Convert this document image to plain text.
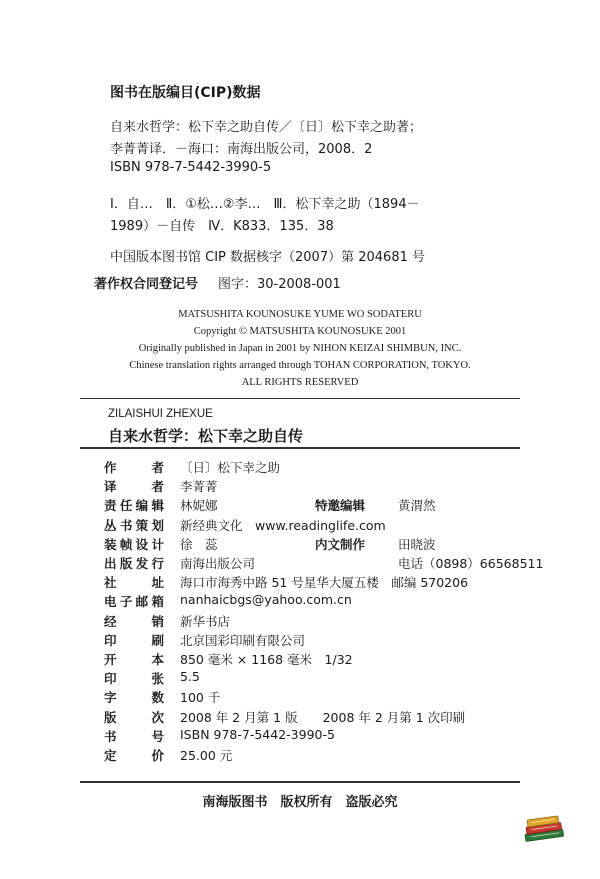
图书在版编目(CIP)数据
自来水哲学：松下幸之助自传／〔日〕松下幸之助著；
李菁菁译．－海口：南海出版公司，2008．2
ISBN 978-7-5442-3990-5
Ⅰ．自…　Ⅱ．①松…②李…　Ⅲ．松下幸之助（1894－
1989）－自传　Ⅳ．K833．135．38
中国版本图书馆 CIP 数据核字（2007）第 204681 号
著作权合同登记号 图字：30-2008-001
MATSUSHITA KOUNOSUKE YUME WO SODATERU
Copyright © MATSUSHITA KOUNOSUKE 2001
Originally published in Japan in 2001 by NIHON KEIZAI SHIMBUN, INC.
Chinese translation rights arranged through TOHAN CORPORATION, TOKYO.
ALL RIGHTS RESERVED
ZILAISHUI ZHEXUE
自来水哲学：松下幸之助自传
作者 〔日〕松下幸之助
译者 李菁菁
责任编辑 林妮娜	特邀编辑	黄渭然
丛书策划 新经典文化　www.readinglife.com
装帧设计 徐　蕊	内文制作	田晓波
出版发行 南海出版公司	电话（0898）66568511
社址 海口市海秀中路 51 号星华大厦五楼　邮编 570206
电子邮箱 nanhaicbgs@yahoo.com.cn
经销 新华书店
印刷 北京国彩印刷有限公司
开本 850 毫米 × 1168 毫米　1/32
印张 5.5
字数 100 千
版次 2008 年 2 月第 1 版　　2008 年 2 月第 1 次印刷
书号 ISBN 978-7-5442-3990-5
定价 25.00 元
南海版图书　版权所有　盗版必究
